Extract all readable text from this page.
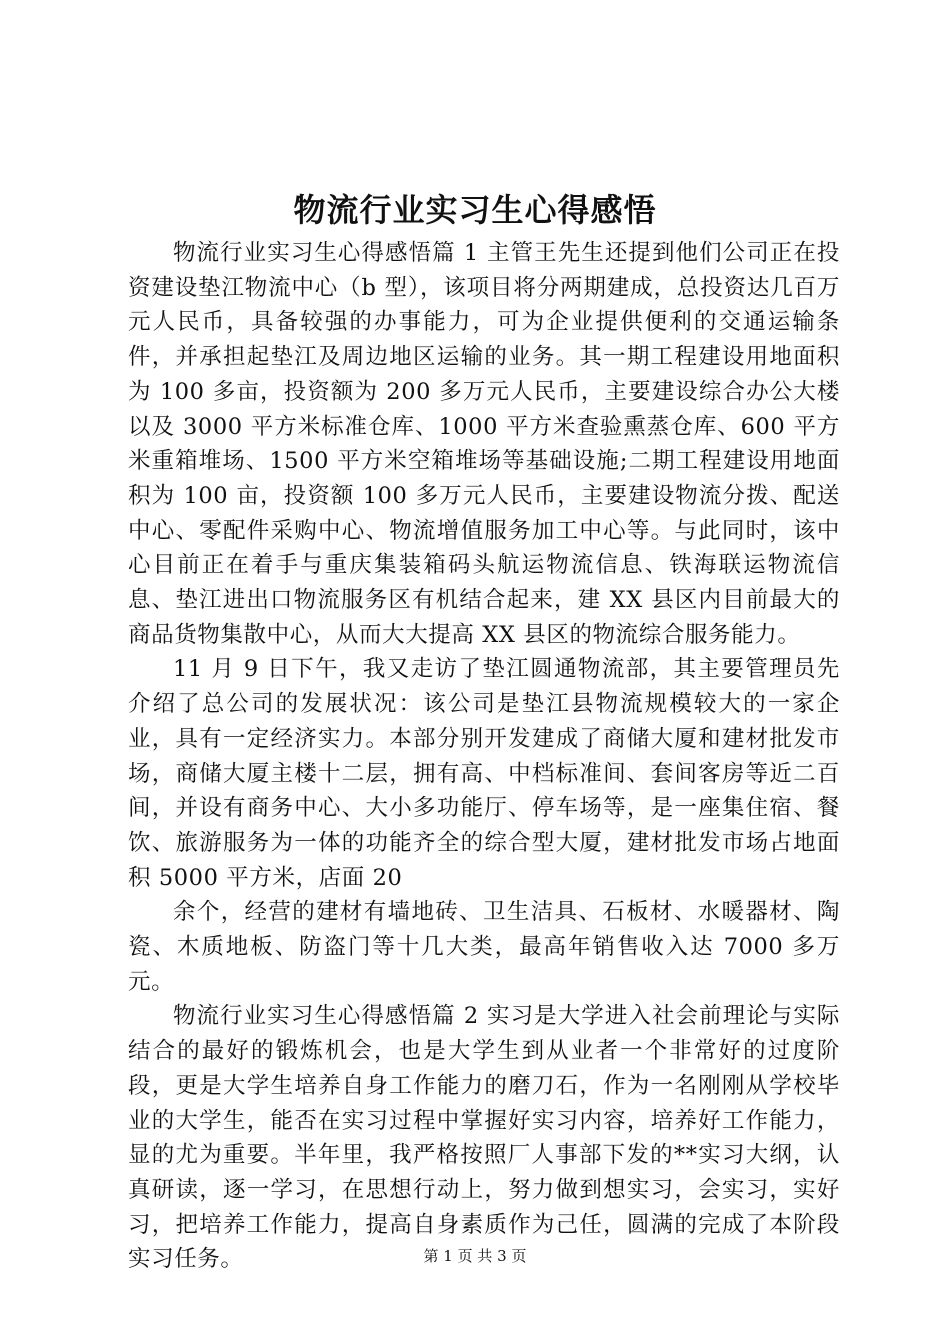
物流行业实习生心得感悟

物流行业实习生心得感悟篇 1 主管王先生还提到他们公司正在投资建设垫江物流中心（b 型），该项目将分两期建成，总投资达几百万元人民币，具备较强的办事能力，可为企业提供便利的交通运输条件，并承担起垫江及周边地区运输的业务。其一期工程建设用地面积为 100 多亩，投资额为 200 多万元人民币，主要建设综合办公大楼以及 3000 平方米标准仓库、1000 平方米查验熏蒸仓库、600 平方米重箱堆场、1500 平方米空箱堆场等基础设施;二期工程建设用地面积为 100 亩，投资额 100 多万元人民币，主要建设物流分拨、配送中心、零配件采购中心、物流增值服务加工中心等。与此同时，该中心目前正在着手与重庆集装箱码头航运物流信息、铁海联运物流信息、垫江进出口物流服务区有机结合起来，建 XX 县区内目前最大的商品货物集散中心，从而大大提高 XX 县区的物流综合服务能力。

11 月 9 日下午，我又走访了垫江圆通物流部，其主要管理员先介绍了总公司的发展状况：该公司是垫江县物流规模较大的一家企业，具有一定经济实力。本部分别开发建成了商储大厦和建材批发市场，商储大厦主楼十二层，拥有高、中档标准间、套间客房等近二百间，并设有商务中心、大小多功能厅、停车场等，是一座集住宿、餐饮、旅游服务为一体的功能齐全的综合型大厦，建材批发市场占地面积 5000 平方米，店面 20

余个，经营的建材有墙地砖、卫生洁具、石板材、水暖器材、陶瓷、木质地板、防盗门等十几大类，最高年销售收入达 7000 多万元。

物流行业实习生心得感悟篇 2 实习是大学进入社会前理论与实际结合的最好的锻炼机会，也是大学生到从业者一个非常好的过度阶段，更是大学生培养自身工作能力的磨刀石，作为一名刚刚从学校毕业的大学生，能否在实习过程中掌握好实习内容，培养好工作能力，显的尤为重要。半年里，我严格按照厂人事部下发的**实习大纲，认真研读，逐一学习，在思想行动上，努力做到想实习，会实习，实好习，把培养工作能力，提高自身素质作为己任，圆满的完成了本阶段实习任务。	第 1 页 共 3 页
